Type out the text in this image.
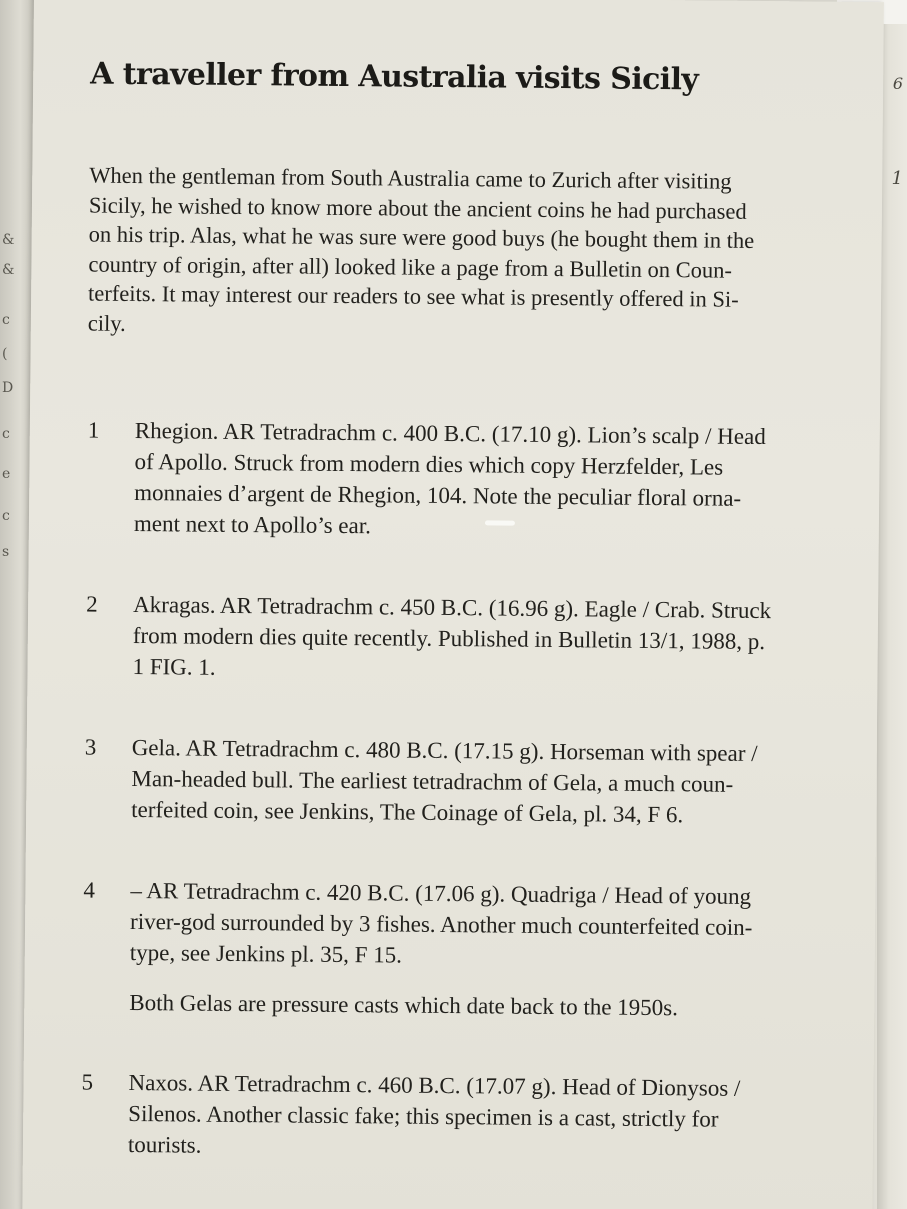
&
&
c
(
D
c
e
c
s
6
1
A traveller from Australia visits Sicily

When the gentleman from South Australia came to Zurich after visiting
Sicily, he wished to know more about the ancient coins he had purchased
on his trip. Alas, what he was sure were good buys (he bought them in the
country of origin, after all) looked like a page from a Bulletin on Coun-
terfeits. It may interest our readers to see what is presently offered in Si-
cily.

1	Rhegion. AR Tetradrachm c. 400 B.C. (17.10 g). Lion’s scalp / Head
of Apollo. Struck from modern dies which copy Herzfelder, Les
monnaies d’argent de Rhegion, 104. Note the peculiar floral orna-
ment next to Apollo’s ear.
2	Akragas. AR Tetradrachm c. 450 B.C. (16.96 g). Eagle / Crab. Struck
from modern dies quite recently. Published in Bulletin 13/1, 1988, p.
1 FIG. 1.
3	Gela. AR Tetradrachm c. 480 B.C. (17.15 g). Horseman with spear /
Man-headed bull. The earliest tetradrachm of Gela, a much coun-
terfeited coin, see Jenkins, The Coinage of Gela, pl. 34, F 6.
4	– AR Tetradrachm c. 420 B.C. (17.06 g). Quadriga / Head of young
river-god surrounded by 3 fishes. Another much counterfeited coin-
type, see Jenkins pl. 35, F 15.
Both Gelas are pressure casts which date back to the 1950s.
5	Naxos. AR Tetradrachm c. 460 B.C. (17.07 g). Head of Dionysos /
Silenos. Another classic fake; this specimen is a cast, strictly for
tourists.
